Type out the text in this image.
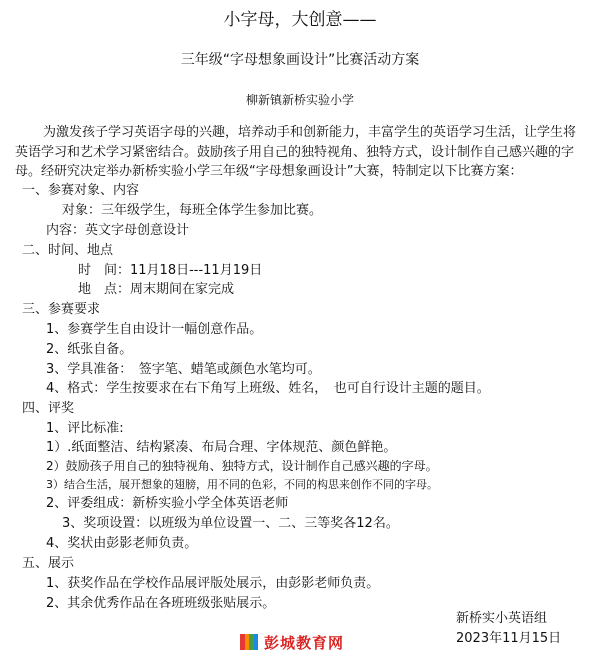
小字母，大创意——
三年级“字母想象画设计”比赛活动方案
柳新镇新桥实验小学
为激发孩子学习英语字母的兴趣，培养动手和创新能力，丰富学生的英语学习生活，让学生将英语学习和艺术学习紧密结合。鼓励孩子用自己的独特视角、独特方式，设计制作自己感兴趣的字母。经研究决定举办新桥实验小学三年级“字母想象画设计”大赛，特制定以下比赛方案：
一、参赛对象、内容
对象：三年级学生，每班全体学生参加比赛。
内容：英文字母创意设计
二、时间、地点
时　间：11月18日---11月19日
地　点：周末期间在家完成
三、参赛要求
1、参赛学生自由设计一幅创意作品。
2、纸张自备。
3、学具准备：　签字笔、蜡笔或颜色水笔均可。
4、格式：学生按要求在右下角写上班级、姓名，　也可自行设计主题的题目。
四、评奖
1、评比标准:
1）.纸面整洁、结构紧凑、布局合理、字体规范、颜色鲜艳。
2）鼓励孩子用自己的独特视角、独特方式，设计制作自己感兴趣的字母。
3）结合生活，展开想象的翅膀，用不同的色彩，不同的构思来创作不同的字母。
2、评委组成：新桥实验小学全体英语老师
3、奖项设置：以班级为单位设置一、二、三等奖各12名。
4、奖状由彭影老师负责。
五、展示
1、获奖作品在学校作品展评版处展示，由彭影老师负责。
2、其余优秀作品在各班班级张贴展示。
新桥实小英语组
2023年11月15日
彭城教育网
